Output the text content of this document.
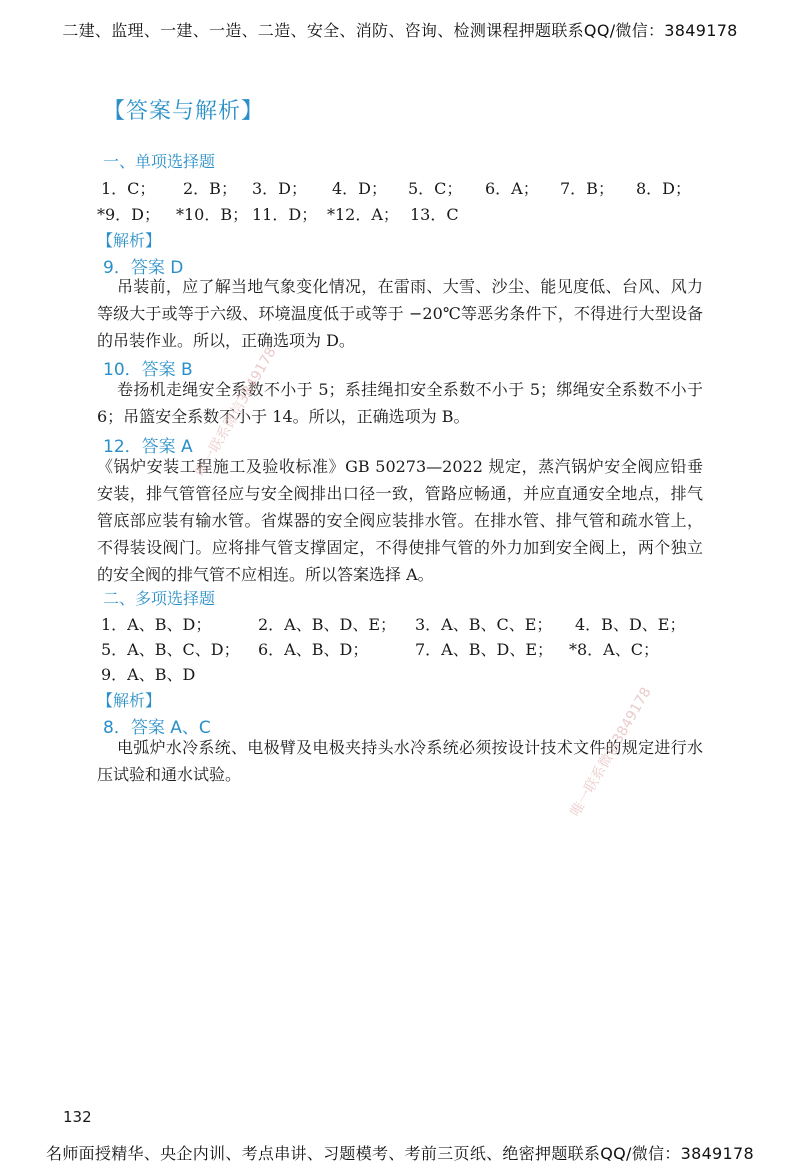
二建、监理、一建、一造、二造、安全、消防、咨询、检测课程押题联系QQ/微信：3849178
【答案与解析】
一、单项选择题
1．C； 2．B； 3．D； 4．D； 5．C； 6．A； 7．B； 8．D；
*9．D； *10．B； 11．D； *12．A； 13．C
【解析】
9．答案 D
吊装前，应了解当地气象变化情况，在雷雨、大雪、沙尘、能见度低、台风、风力等级大于或等于六级、环境温度低于或等于 −20℃等恶劣条件下，不得进行大型设备的吊装作业。所以，正确选项为 D。
10．答案 B
卷扬机走绳安全系数不小于 5；系挂绳扣安全系数不小于 5；绑绳安全系数不小于 6；吊篮安全系数不小于 14。所以，正确选项为 B。
12．答案 A
《锅炉安装工程施工及验收标准》GB 50273—2022 规定，蒸汽锅炉安全阀应铅垂安装，排气管管径应与安全阀排出口径一致，管路应畅通，并应直通安全地点，排气管底部应装有输水管。省煤器的安全阀应装排水管。在排水管、排气管和疏水管上，不得装设阀门。应将排气管支撑固定，不得使排气管的外力加到安全阀上，两个独立的安全阀的排气管不应相连。所以答案选择 A。
二、多项选择题
1．A、B、D；	2．A、B、D、E； 3．A、B、C、E； 4．B、D、E；
5．A、B、C、D； 6．A、B、D；	7．A、B、D、E； *8．A、C；
9．A、B、D
【解析】
8．答案 A、C
电弧炉水冷系统、电极臂及电极夹持头水冷系统必须按设计技术文件的规定进行水压试验和通水试验。
唯一联系微信3849178
唯一联系微信3849178
132
名师面授精华、央企内训、考点串讲、习题模考、考前三页纸、绝密押题联系QQ/微信：3849178
